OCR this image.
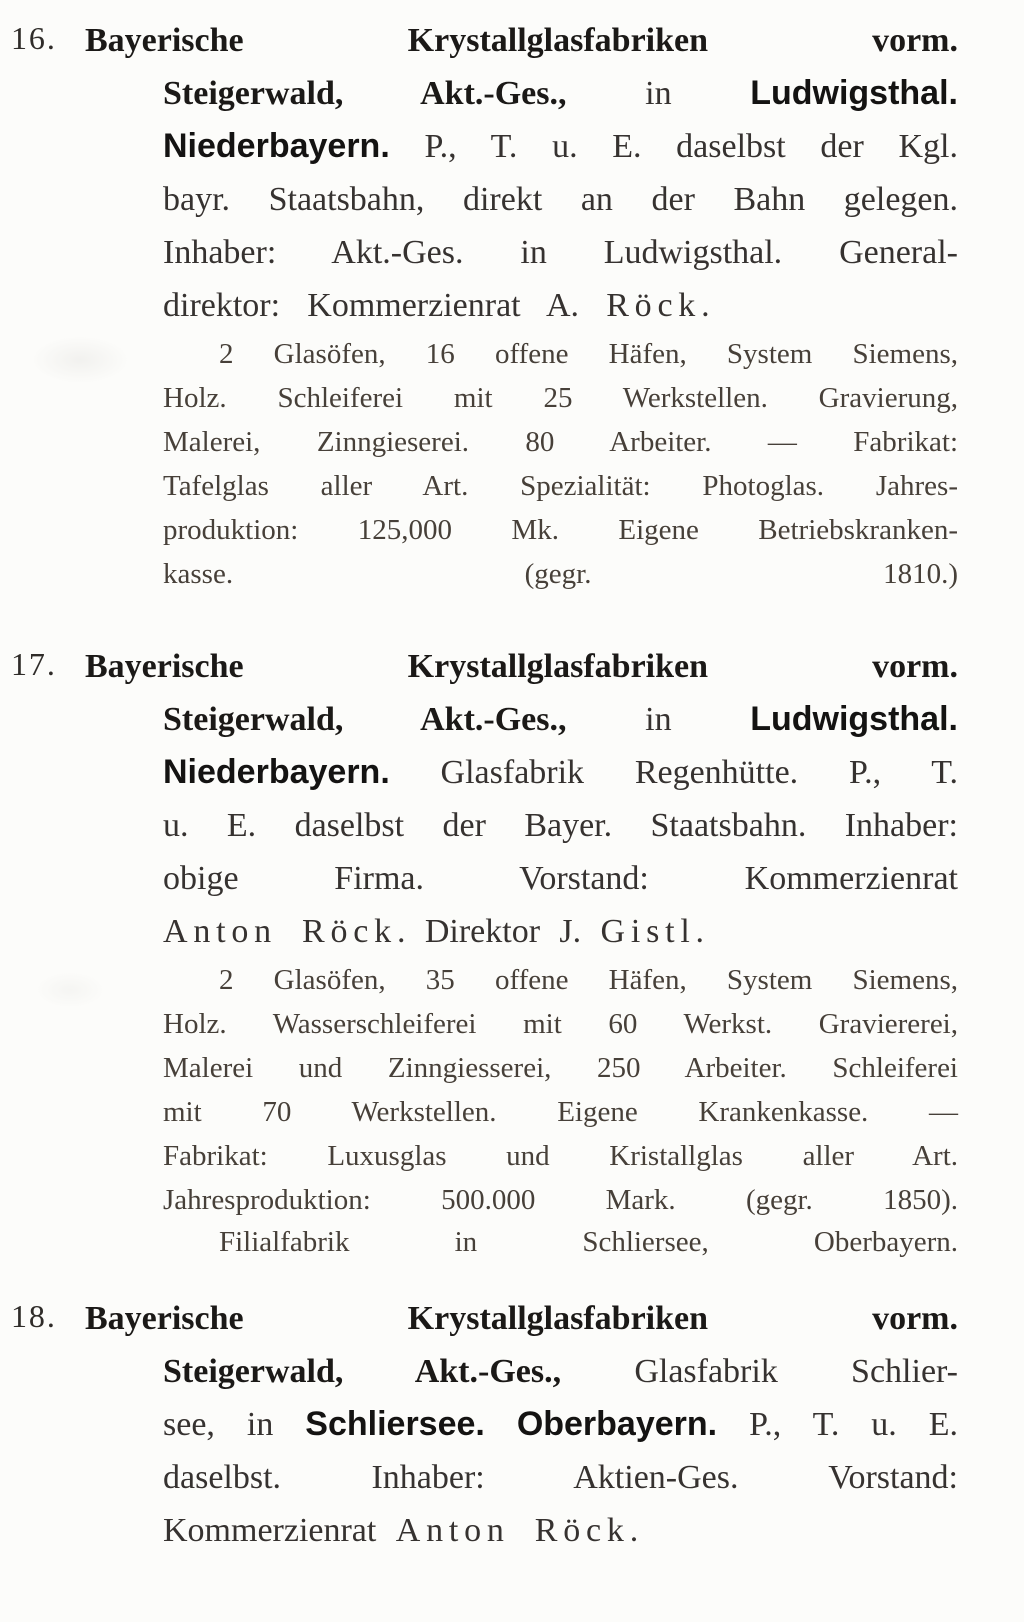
16. Bayerische Krystallglasfabriken vorm.
Steigerwald, Akt.-Ges., in Ludwigsthal.
Niederbayern. P., T. u. E. daselbst der Kgl.
bayr. Staatsbahn, direkt an der Bahn gelegen.
Inhaber: Akt.-Ges. in Ludwigsthal. General-
direktor: Kommerzienrat A. Röck.
2 Glasöfen, 16 offene Häfen, System Siemens,
Holz. Schleiferei mit 25 Werkstellen. Gravierung,
Malerei, Zinngieserei. 80 Arbeiter. — Fabrikat:
Tafelglas aller Art. Spezialität: Photoglas. Jahres-
produktion: 125,000 Mk. Eigene Betriebskranken-
kasse. (gegr. 1810.)
17. Bayerische Krystallglasfabriken vorm.
Steigerwald, Akt.-Ges., in Ludwigsthal.
Niederbayern. Glasfabrik Regenhütte. P., T.
u. E. daselbst der Bayer. Staatsbahn. Inhaber:
obige Firma. Vorstand: Kommerzienrat
Anton Röck. Direktor J. Gistl.
2 Glasöfen, 35 offene Häfen, System Siemens,
Holz. Wasserschleiferei mit 60 Werkst. Graviererei,
Malerei und Zinngiesserei, 250 Arbeiter. Schleiferei
mit 70 Werkstellen. Eigene Krankenkasse. —
Fabrikat: Luxusglas und Kristallglas aller Art.
Jahresproduktion: 500.000 Mark. (gegr. 1850).
Filialfabrik in Schliersee, Oberbayern.
18. Bayerische Krystallglasfabriken vorm.
Steigerwald, Akt.-Ges., Glasfabrik Schlier-
see, in Schliersee. Oberbayern. P., T. u. E.
daselbst. Inhaber: Aktien-Ges. Vorstand:
Kommerzienrat Anton Röck.
